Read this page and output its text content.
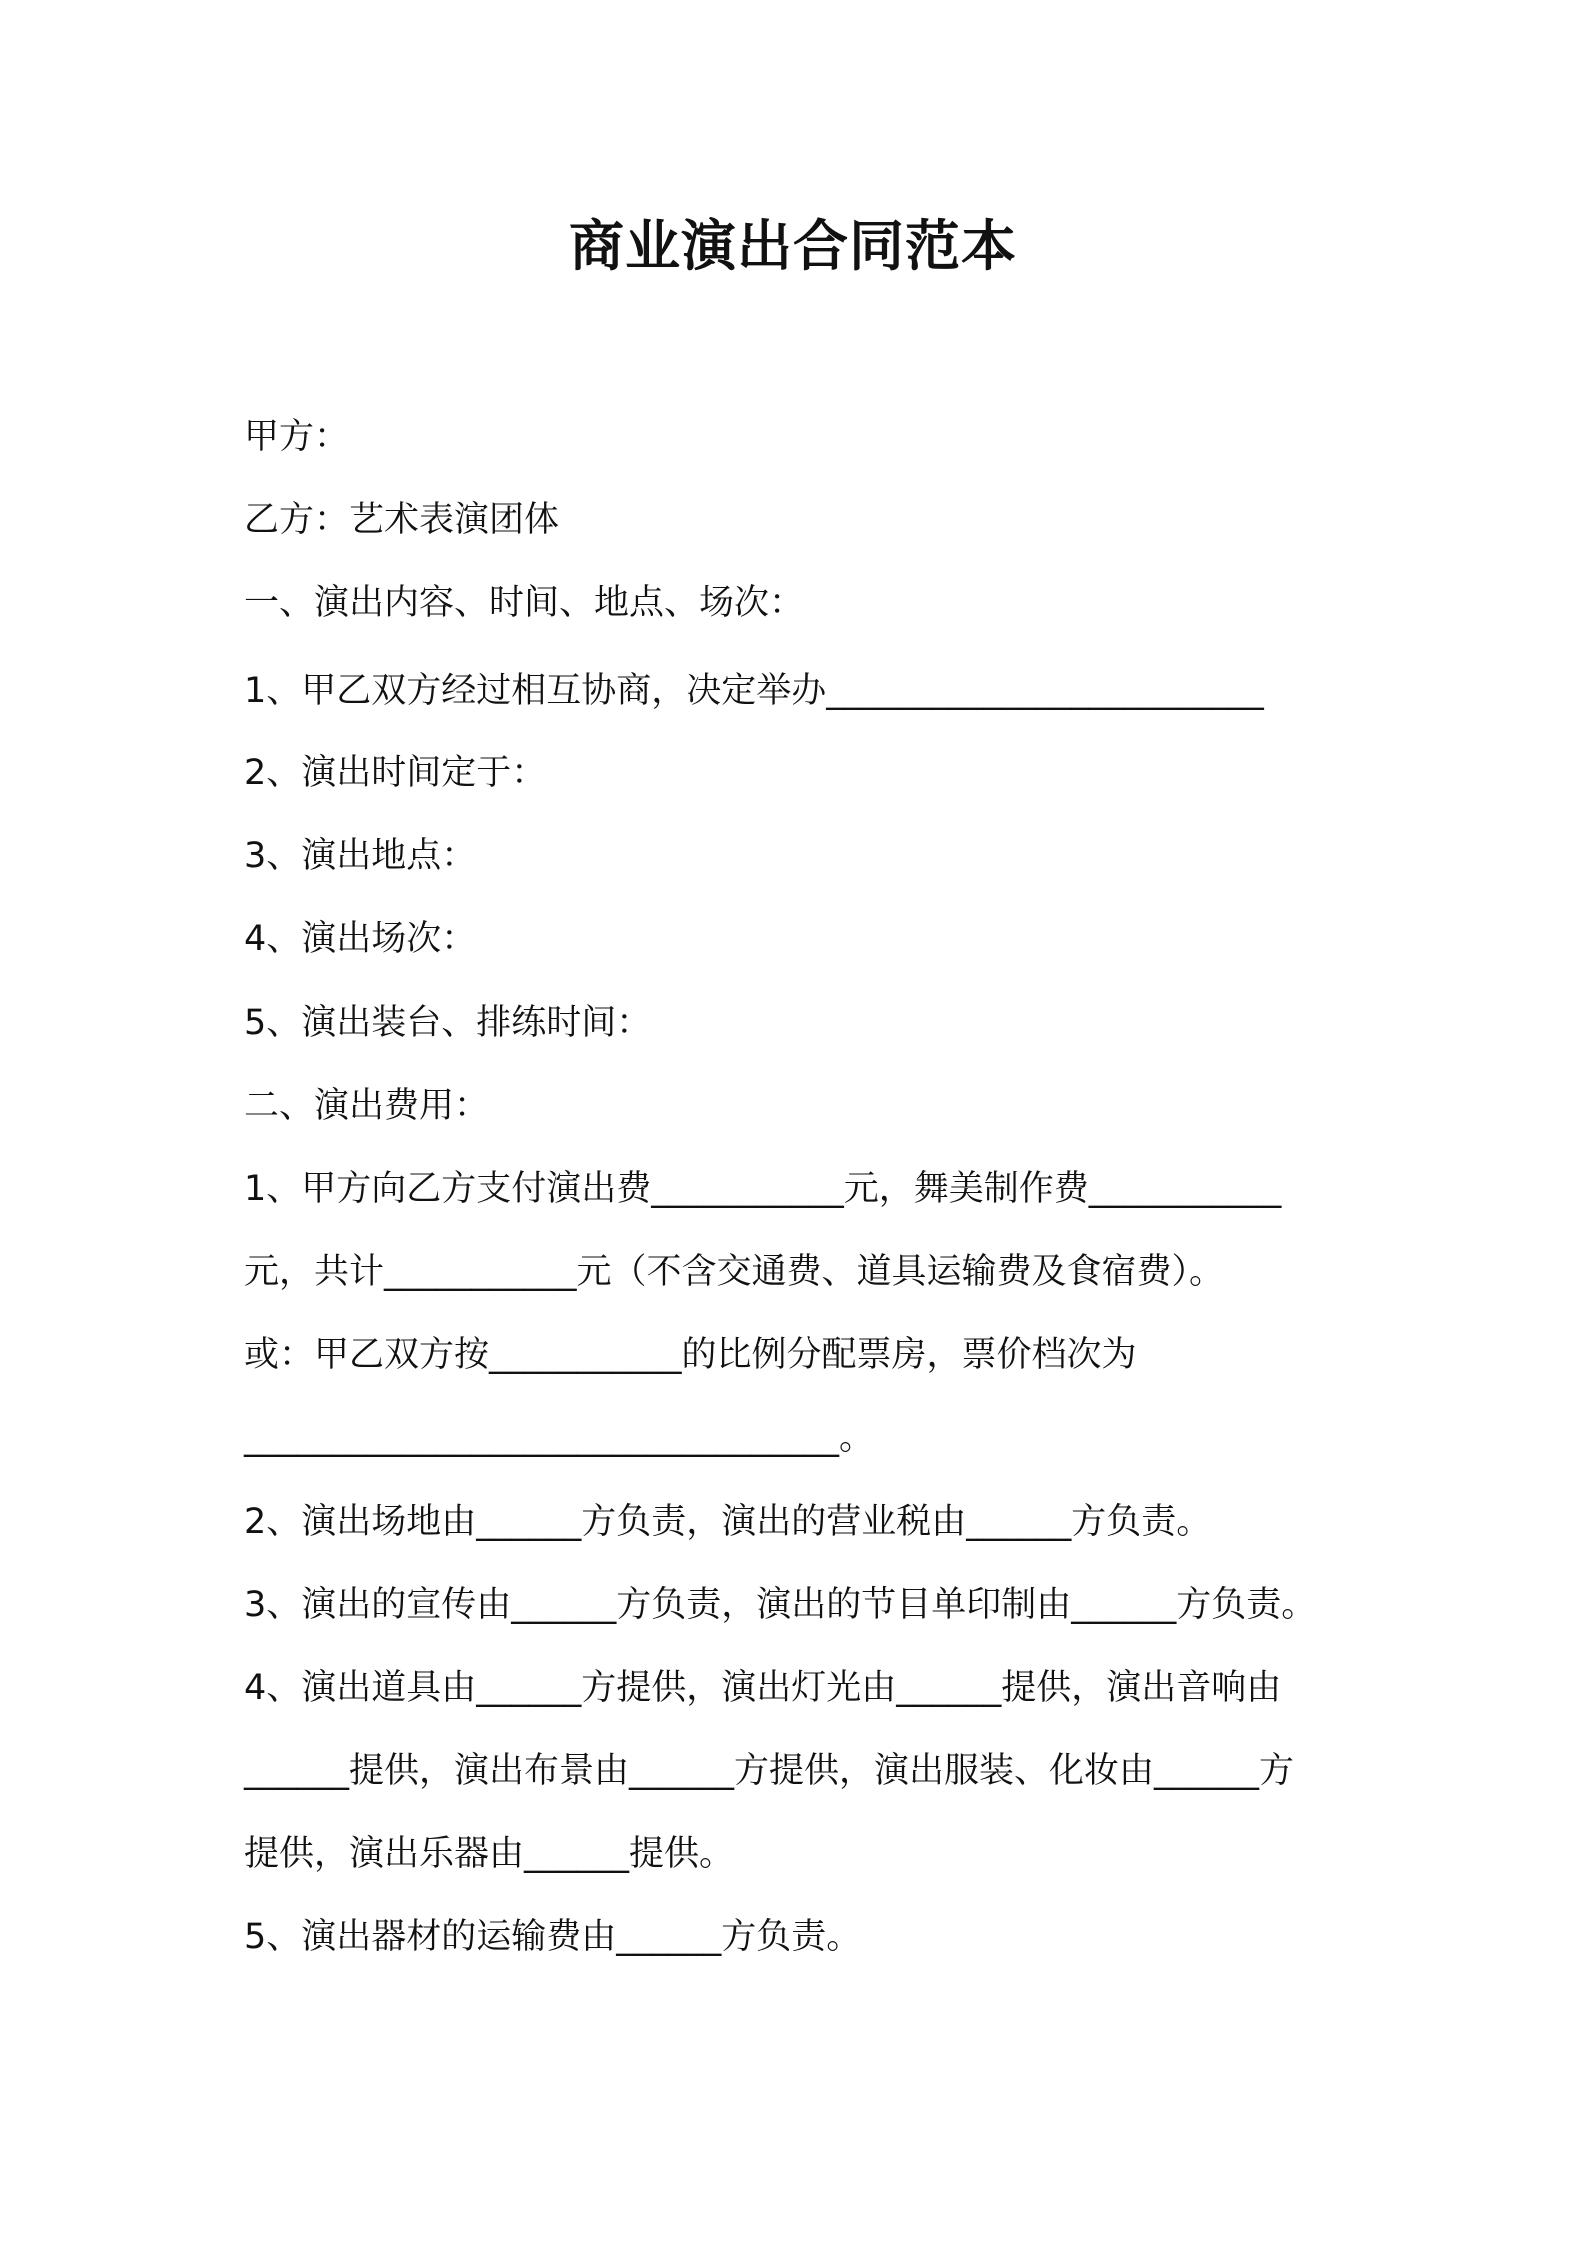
商业演出合同范本

甲方：

乙方：艺术表演团体

一、演出内容、时间、地点、场次：

1、甲乙双方经过相互协商，决定举办_________________________

2、演出时间定于：

3、演出地点：

4、演出场次：

5、演出装台、排练时间：

二、演出费用：

1、甲方向乙方支付演出费___________元，舞美制作费___________

元，共计___________元（不含交通费、道具运输费及食宿费）。

或：甲乙双方按___________的比例分配票房，票价档次为

__________________________________。

2、演出场地由______方负责，演出的营业税由______方负责。

3、演出的宣传由______方负责，演出的节目单印制由______方负责。

4、演出道具由______方提供，演出灯光由______提供，演出音响由

______提供，演出布景由______方提供，演出服装、化妆由______方

提供，演出乐器由______提供。

5、演出器材的运输费由______方负责。
